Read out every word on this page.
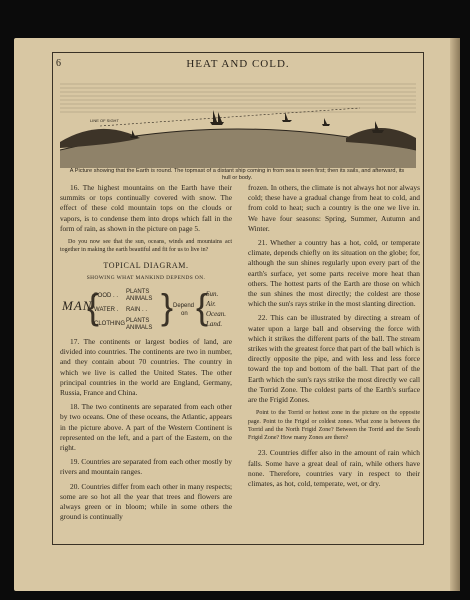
6	HEAT AND COLD.
LINE OF SIGHT
A Picture showing that the Earth is round. The topmast of a distant ship coming in from sea is seen first; then its sails, and afterward, its hull or body.

16. The highest mountains on the Earth have their summits or tops continually covered with snow. The effect of these cold mountain tops on the clouds or vapors, is to condense them into drops which fall in the form of rain, as shown in the picture on page 5.

Do you now see that the sun, oceans, winds and mountains act together in making the earth beautiful and fit for us to live in?

TOPICAL DIAGRAM.
SHOWING WHAT MANKIND DEPENDS ON.
MAN
{
FOOD . .
WATER .
CLOTHING
PLANTS
ANIMALS
RAIN . .
PLANTS
ANIMALS
} Depend
on {
Sun.
Air.
Ocean.
Land.

17. The continents or largest bodies of land, are divided into countries. The continents are two in number, and they contain about 70 countries. The country in which we live is called the United States. The other principal countries in the world are England, Germany, Russia, France and China.

18. The two continents are separated from each other by two oceans. One of these oceans, the Atlantic, appears in the picture above. A part of the Western Continent is represented on the left, and a part of the Eastern, on the right.

19. Countries are separated from each other mostly by rivers and mountain ranges.

20. Countries differ from each other in many respects; some are so hot all the year that trees and flowers are always green or in bloom; while in some others the ground is continually

frozen. In others, the climate is not always hot nor always cold; these have a gradual change from heat to cold, and from cold to heat; such a country is the one we live in. We have four seasons: Spring, Summer, Autumn and Winter.

21. Whether a country has a hot, cold, or temperate climate, depends chiefly on its situation on the globe; for, although the sun shines regularly upon every part of the earth's surface, yet some parts receive more heat than others. The hottest parts of the Earth are those on which the sun shines the most directly; the coldest are those which the sun's rays strike in the most slanting direction.

22. This can be illustrated by directing a stream of water upon a large ball and observing the force with which it strikes the different parts of the ball. The stream strikes with the greatest force that part of the ball which is directly opposite the pipe, and with less and less force toward the top and bottom of the ball. That part of the Earth which the sun's rays strike the most directly we call the Torrid Zone. The coldest parts of the Earth's surface are the Frigid Zones.

Point to the Torrid or hottest zone in the picture on the opposite page. Point to the Frigid or coldest zones. What zone is between the Torrid and the North Frigid Zone? Between the Torrid and the South Frigid Zone? How many Zones are there?

23. Countries differ also in the amount of rain which falls. Some have a great deal of rain, while others have none. Therefore, countries vary in respect to their climates, as hot, cold, temperate, wet, or dry.
